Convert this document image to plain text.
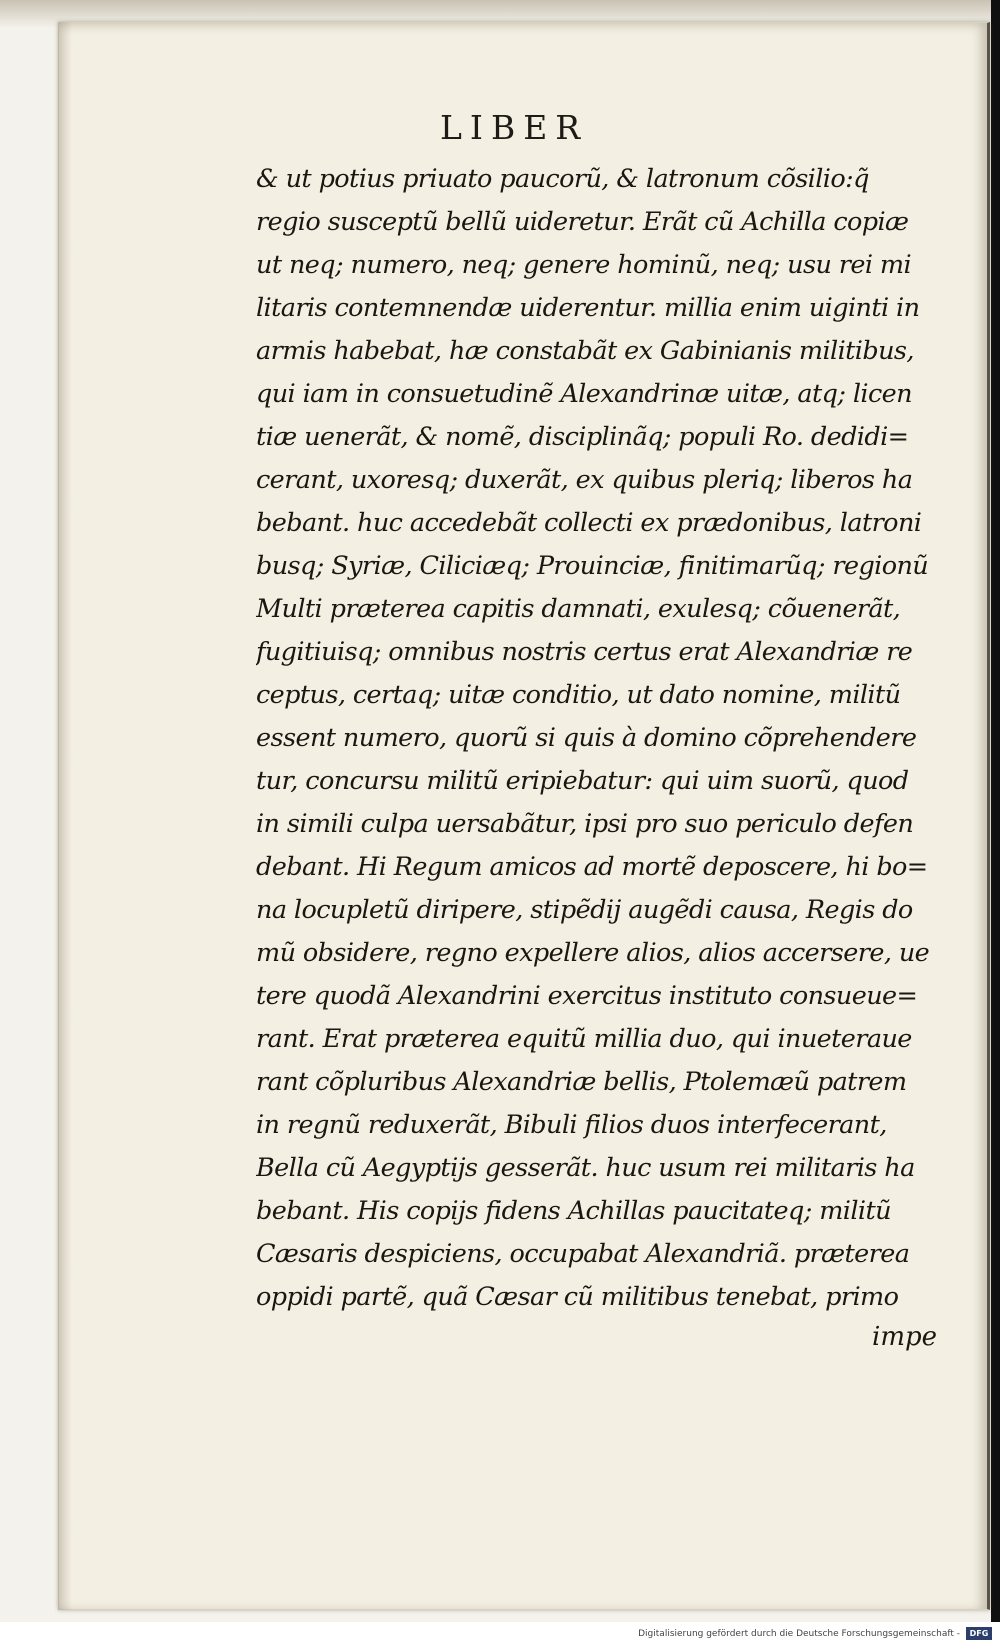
LIBER
& ut potius priuato paucorũ, & latronum cõsilio:q̃
regio susceptũ bellũ uideretur. Erãt cũ Achilla copiæ
ut neq; numero, neq; genere hominũ, neq; usu rei mi
litaris contemnendæ uiderentur. millia enim uiginti in
armis habebat, hæ constabãt ex Gabinianis militibus,
qui iam in consuetudinẽ Alexandrinæ uitæ, atq; licen
tiæ uenerãt, & nomẽ, disciplinãq; populi Ro. dedidi=
cerant, uxoresq; duxerãt, ex quibus pleriq; liberos ha
bebant. huc accedebãt collecti ex prædonibus, latroni
busq; Syriæ, Ciliciæq; Prouinciæ, finitimarũq; regionũ
Multi præterea capitis damnati, exulesq; cõuenerãt,
fugitiuisq; omnibus nostris certus erat Alexandriæ re
ceptus, certaq; uitæ conditio, ut dato nomine, militũ
essent numero, quorũ si quis à domino cõprehendere
tur, concursu militũ eripiebatur: qui uim suorũ, quod
in simili culpa uersabãtur, ipsi pro suo periculo defen
debant. Hi Regum amicos ad mortẽ deposcere, hi bo=
na locupletũ diripere, stipẽdij augẽdi causa, Regis do
mũ obsidere, regno expellere alios, alios accersere, ue
tere quodã Alexandrini exercitus instituto consueue=
rant. Erat præterea equitũ millia duo, qui inueterauе
rant cõpluribus Alexandriæ bellis, Ptolemæũ patrem
in regnũ reduxerãt, Bibuli filios duos interfecerant,
Bella cũ Aegyptijs gesserãt. huc usum rei militaris ha
bebant. His copijs fidens Achillas paucitateq; militũ
Cæsaris despiciens, occupabat Alexandriã. præterea
oppidi partẽ, quã Cæsar cũ militibus tenebat, primo
impe
Digitalisierung gefördert durch die Deutsche Forschungsgemeinschaft -	DFG
